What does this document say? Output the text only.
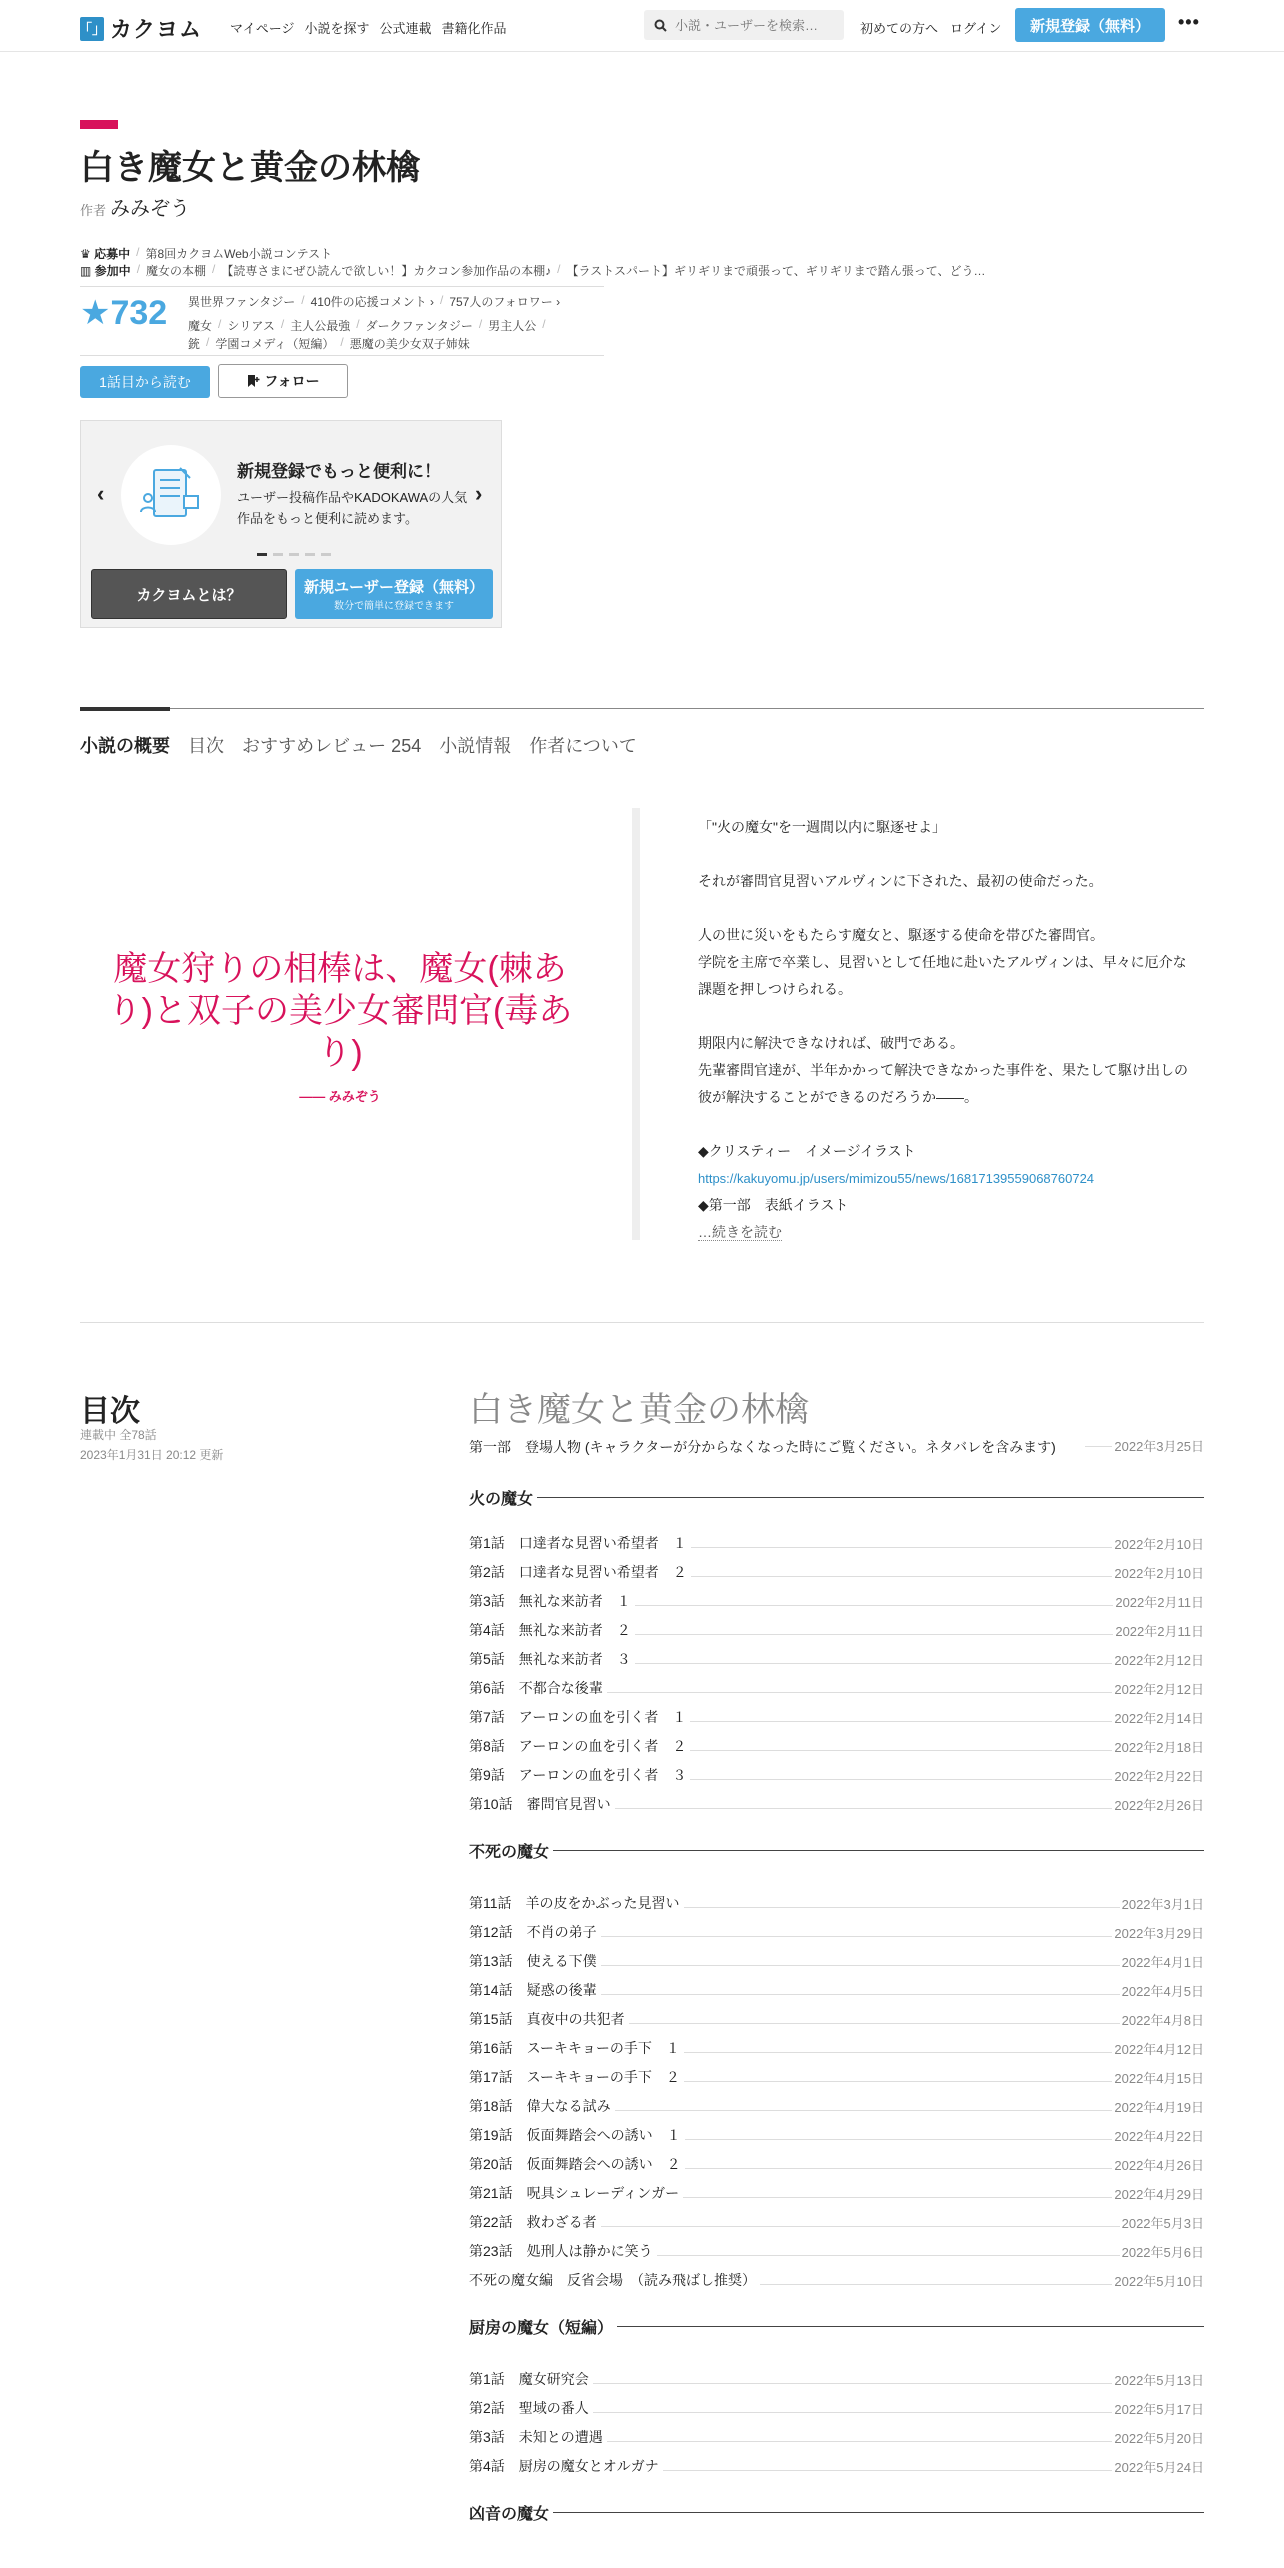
「」 カクヨム マイページ 小説を探す 公式連載 書籍化作品
小説・ユーザーを検索…	初めての方へ ログイン	新規登録（無料）	•••
白き魔女と黄金の林檎
作者 みみぞう
♛ 応募中 / 第8回カクヨムWeb小説コンテスト
▥ 参加中 / 魔女の本棚 / 【読専さまにぜひ読んで欲しい！】カクコン参加作品の本棚♪ / 【ラストスパート】ギリギリまで頑張って、ギリギリまで踏ん張って、どう…
★732 異世界ファンタジー / 410件の応援コメント › / 757人のフォロワー ›
魔女 / シリアス / 主人公最強 / ダークファンタジー / 男主人公 /
銃 / 学園コメディ（短編） / 悪魔の美少女双子姉妹
1話目から読む	フォロー
‹	›
新規登録でもっと便利に！
ユーザー投稿作品やKADOKAWAの人気作品をもっと便利に読めます。
カクヨムとは？	新規ユーザー登録（無料）
数分で簡単に登録できます
小説の概要 目次 おすすめレビュー 254 小説情報 作者について
魔女狩りの相棒は、魔女(棘あり)と双子の美少女審問官(毒あり)
―― みみぞう

「"火の魔女"を一週間以内に駆逐せよ」

それが審問官見習いアルヴィンに下された、最初の使命だった。

人の世に災いをもたらす魔女と、駆逐する使命を帯びた審問官。

学院を主席で卒業し、見習いとして任地に赴いたアルヴィンは、早々に厄介な課題を押しつけられる。

期限内に解決できなければ、破門である。

先輩審問官達が、半年かかって解決できなかった事件を、果たして駆け出しの彼が解決することができるのだろうか――。

◆クリスティー　イメージイラスト

https://kakuyomu.jp/users/mimizou55/news/16817139559068760724

◆第一部　表紙イラスト

…続きを読む

目次
連載中 全78話
2023年1月31日 20:12 更新
白き魔女と黄金の林檎
第一部　登場人物 (キャラクターが分からなくなった時にご覧ください。ネタバレを含みます)	2022年3月25日
火の魔女
第1話　口達者な見習い希望者　１	2022年2月10日
第2話　口達者な見習い希望者　２	2022年2月10日
第3話　無礼な来訪者　１	2022年2月11日
第4話　無礼な来訪者　２	2022年2月11日
第5話　無礼な来訪者　３	2022年2月12日
第6話　不都合な後輩	2022年2月12日
第7話　アーロンの血を引く者　１	2022年2月14日
第8話　アーロンの血を引く者　２	2022年2月18日
第9話　アーロンの血を引く者　３	2022年2月22日
第10話　審問官見習い	2022年2月26日
不死の魔女
第11話　羊の皮をかぶった見習い	2022年3月1日
第12話　不肖の弟子	2022年3月29日
第13話　使える下僕	2022年4月1日
第14話　疑惑の後輩	2022年4月5日
第15話　真夜中の共犯者	2022年4月8日
第16話　スーキキョーの手下　１	2022年4月12日
第17話　スーキキョーの手下　２	2022年4月15日
第18話　偉大なる試み	2022年4月19日
第19話　仮面舞踏会への誘い　１	2022年4月22日
第20話　仮面舞踏会への誘い　２	2022年4月26日
第21話　呪具シュレーディンガー	2022年4月29日
第22話　救わざる者	2022年5月3日
第23話　処刑人は静かに笑う	2022年5月6日
不死の魔女編　反省会場　（読み飛ばし推奨）	2022年5月10日
厨房の魔女（短編）
第1話　魔女研究会	2022年5月13日
第2話　聖域の番人	2022年5月17日
第3話　未知との遭遇	2022年5月20日
第4話　厨房の魔女とオルガナ	2022年5月24日
凶音の魔女
